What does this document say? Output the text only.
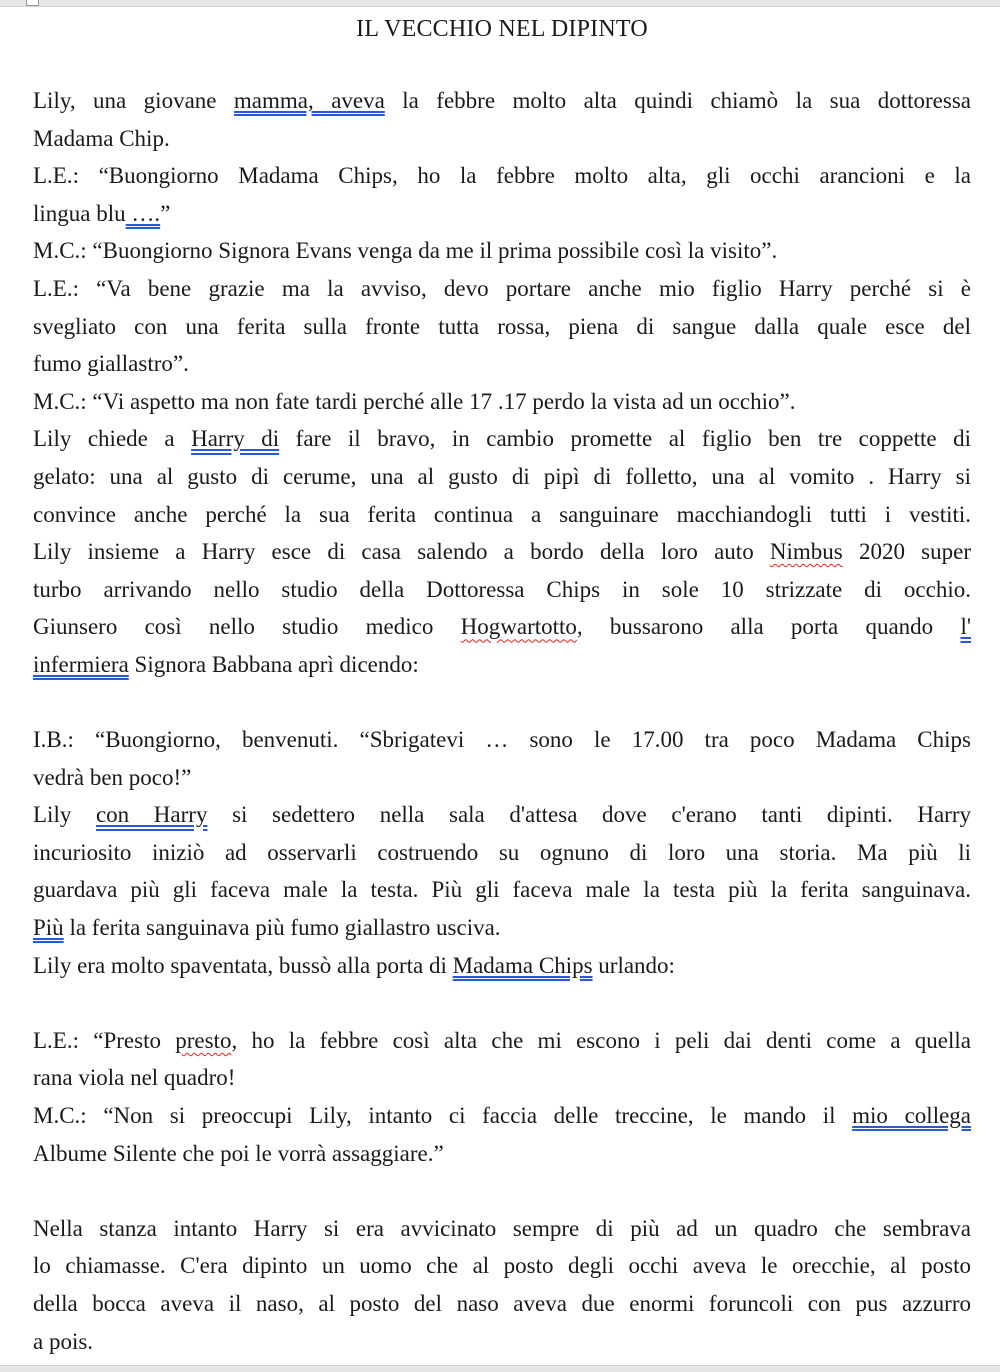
IL VECCHIO NEL DIPINTO
Lily, una giovane mamma, aveva la febbre molto alta quindi chiamò la sua dottoressa
Madama Chip.
L.E.: “Buongiorno Madama Chips, ho la febbre molto alta, gli occhi arancioni e la
lingua blu ….”
M.C.: “Buongiorno Signora Evans venga da me il prima possibile così la visito”.
L.E.: “Va bene grazie ma la avviso, devo portare anche mio figlio Harry perché si è
svegliato con una ferita sulla fronte tutta rossa, piena di sangue dalla quale esce del
fumo giallastro”.
M.C.: “Vi aspetto ma non fate tardi perché alle 17 .17 perdo la vista ad un occhio”.
Lily chiede a Harry di fare il bravo, in cambio promette al figlio ben tre coppette di
gelato: una al gusto di cerume, una al gusto di pipì di folletto, una al vomito . Harry si
convince anche perché la sua ferita continua a sanguinare macchiandogli tutti i vestiti.
Lily insieme a Harry esce di casa salendo a bordo della loro auto Nimbus 2020 super
turbo arrivando nello studio della Dottoressa Chips in sole 10 strizzate di occhio.
Giunsero così nello studio medico Hogwartotto, bussarono alla porta quando l'
infermiera Signora Babbana aprì dicendo:
I.B.: “Buongiorno, benvenuti. “Sbrigatevi … sono le 17.00 tra poco Madama Chips
vedrà ben poco!”
Lily con Harry si sedettero nella sala d'attesa dove c'erano tanti dipinti. Harry
incuriosito iniziò ad osservarli costruendo su ognuno di loro una storia. Ma più li
guardava più gli faceva male la testa. Più gli faceva male la testa più la ferita sanguinava.
Più la ferita sanguinava più fumo giallastro usciva.
Lily era molto spaventata, bussò alla porta di Madama Chips urlando:
L.E.: “Presto presto, ho la febbre così alta che mi escono i peli dai denti come a quella
rana viola nel quadro!
M.C.: “Non si preoccupi Lily, intanto ci faccia delle treccine, le mando il mio collega
Albume Silente che poi le vorrà assaggiare.”
Nella stanza intanto Harry si era avvicinato sempre di più ad un quadro che sembrava
lo chiamasse. C'era dipinto un uomo che al posto degli occhi aveva le orecchie, al posto
della bocca aveva il naso, al posto del naso aveva due enormi foruncoli con pus azzurro
a pois.
